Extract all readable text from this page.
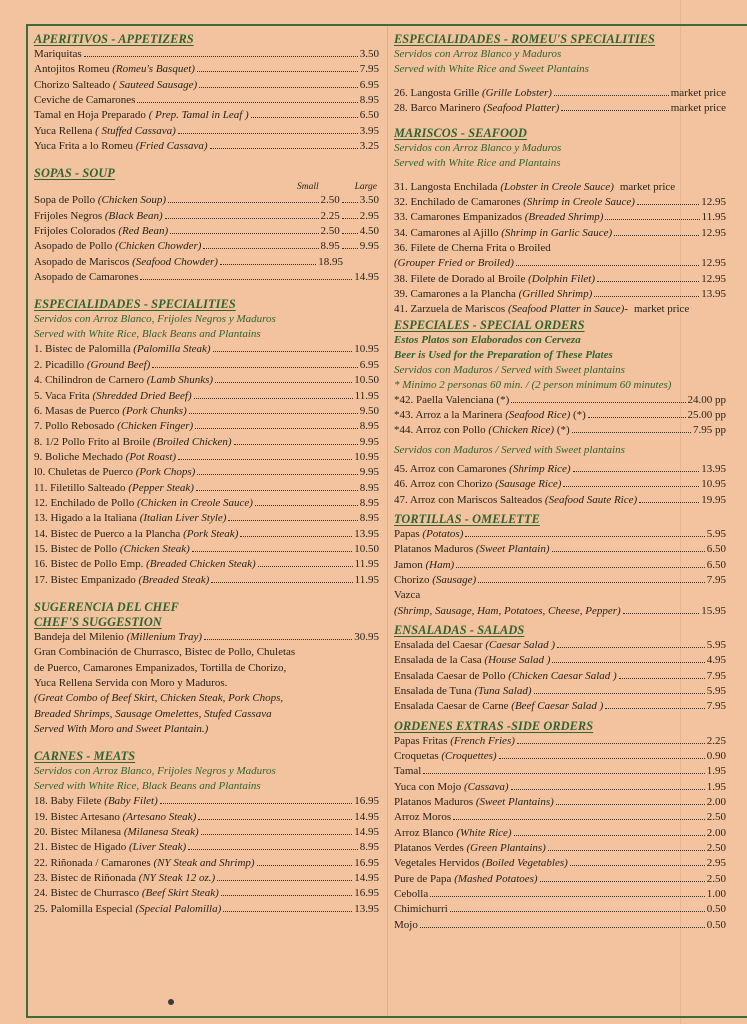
APERITIVOS - APPETIZERS
Mariquitas	3.50
Antojitos Romeu (Romeu's Basquet)	7.95
Chorizo Salteado ( Sauteed Sausage)	6.95
Ceviche de Camarones	8.95
Tamal en Hoja Preparado ( Prep. Tamal in Leaf )	6.50
Yuca Rellena ( Stuffed Cassava)	3.95
Yuca Frita a lo Romeu (Fried Cassava)	3.25
SOPAS - SOUP
Small	Large
Sopa de Pollo (Chicken Soup)	2.50 3.50
Frijoles Negros (Black Bean)	2.25 2.95
Frijoles Colorados (Red Bean)	2.50 4.50
Asopado de Pollo (Chicken Chowder)	8.95 9.95
Asopado de Mariscos (Seafood Chowder)	18.95
Asopado de Camarones	14.95
ESPECIALIDADES - SPECIALITIES
Servidos con Arroz Blanco, Frijoles Negros y Maduros
Served with White Rice, Black Beans and Plantains
1. Bistec de Palomilla (Palomilla Steak)	10.95
2. Picadillo (Ground Beef)	6.95
4. Chilindron de Carnero (Lamb Shunks)	10.50
5. Vaca Frita (Shredded Dried Beef)	11.95
6. Masas de Puerco (Pork Chunks)	9.50
7. Pollo Rebosado (Chicken Finger)	8.95
8. 1/2 Pollo Frito al Broile (Broiled Chicken)	9.95
9. Boliche Mechado (Pot Roast)	10.95
l0. Chuletas de Puerco (Pork Chops)	9.95
11. Filetillo Salteado (Pepper Steak)	8.95
12. Enchilado de Pollo (Chicken in Creole Sauce)	8.95
13. Higado a la Italiana (Italian Liver Style)	8.95
14. Bistec de Puerco a la Plancha (Pork Steak)	13.95
15. Bistec de Pollo (Chicken Steak)	10.50
16. Bistec de Pollo Emp. (Breaded Chicken Steak)	11.95
17. Bistec Empanizado (Breaded Steak)	11.95
SUGERENCIA DEL CHEF
CHEF'S SUGGESTION
Bandeja del Milenio (Millenium Tray)	30.95
Gran Combinación de Churrasco, Bistec de Pollo, Chuletas
de Puerco, Camarones Empanizados, Tortilla de Chorizo,
Yuca Rellena Servida con Moro y Maduros.
(Great Combo of Beef Skirt, Chicken Steak, Pork Chops,
Breaded Shrimps, Sausage Omelettes, Stufed Cassava
Served With Moro and Sweet Plantain.)
CARNES - MEATS
Servidos con Arroz Blanco, Frijoles Negros y Maduros
Served with White Rice, Black Beans and Plantains
18. Baby Filete (Baby Filet)	16.95
19. Bistec Artesano (Artesano Steak)	14.95
20. Bistec Milanesa (Milanesa Steak)	14.95
21. Bistec de Higado (Liver Steak)	8.95
22. Riñonada / Camarones (NY Steak and Shrimp)	16.95
23. Bistec de Riñonada (NY Steak 12 oz.)	14.95
24. Bistec de Churrasco (Beef Skirt Steak)	16.95
25. Palomilla Especial (Special Palomilla)	13.95
ESPECIALIDADES - ROMEU'S SPECIALITIES
Servidos con Arroz Blanco y Maduros
Served with White Rice and Sweet Plantains
26. Langosta Grille (Grille Lobster)	market price
28. Barco Marinero (Seafood Platter)	market price
MARISCOS - SEAFOOD
Servidos con Arroz Blanco y Maduros
Served with White Rice and Plantains
31. Langosta Enchilada (Lobster in Creole Sauce) market price
32. Enchilado de Camarones (Shrimp in Creole Sauce)	12.95
33. Camarones Empanizados (Breaded Shrimp)	11.95
34. Camarones al Ajillo (Shrimp in Garlic Sauce)	12.95
36. Filete de Cherna Frita o Broiled
(Grouper Fried or Broiled)	12.95
38. Filete de Dorado al Broile (Dolphin Filet)	12.95
39. Camarones a la Plancha (Grilled Shrimp)	13.95
41. Zarzuela de Mariscos (Seafood Platter in Sauce)- market price
ESPECIALES - SPECIAL ORDERS
Estos Platos son Elaborados con Cerveza
Beer is Used for the Preparation of These Plates
Servidos con Maduros / Served with Sweet plantains
* Minimo 2 personas 60 min. / (2 person minimum 60 minutes)
*42. Paella Valenciana (*)	24.00 pp
*43. Arroz a la Marinera (Seafood Rice) (*)	25.00 pp
*44. Arroz con Pollo (Chicken Rice) (*)	7.95 pp
Servidos con Maduros / Served with Sweet plantains
45. Arroz con Camarones (Shrimp Rice)	13.95
46. Arroz con Chorizo (Sausage Rice)	10.95
47. Arroz con Mariscos Salteados (Seafood Saute Rice)	19.95
TORTILLAS - OMELETTE
Papas (Potatos)	5.95
Platanos Maduros (Sweet Plantain)	6.50
Jamon (Ham)	6.50
Chorizo (Sausage)	7.95
Vazca
(Shrimp, Sausage, Ham, Potatoes, Cheese, Pepper)	15.95
ENSALADAS - SALADS
Ensalada del Caesar (Caesar Salad )	5.95
Ensalada de la Casa (House Salad )	4.95
Ensalada Caesar de Pollo (Chicken Caesar Salad )	7.95
Ensalada de Tuna (Tuna Salad)	5.95
Ensalada Caesar de Carne (Beef Caesar Salad )	7.95
ORDENES EXTRAS -SIDE ORDERS
Papas Fritas (French Fries)	2.25
Croquetas (Croquettes)	0.90
Tamal	1.95
Yuca con Mojo (Cassava)	1.95
Platanos Maduros (Sweet Plantains)	2.00
Arroz Moros	2.50
Arroz Blanco (White Rice)	2.00
Platanos Verdes (Green Plantains)	2.50
Vegetales Hervidos (Boiled Vegetables)	2.95
Pure de Papa (Mashed Potatoes)	2.50
Cebolla	1.00
Chimichurri	0.50
Mojo	0.50
